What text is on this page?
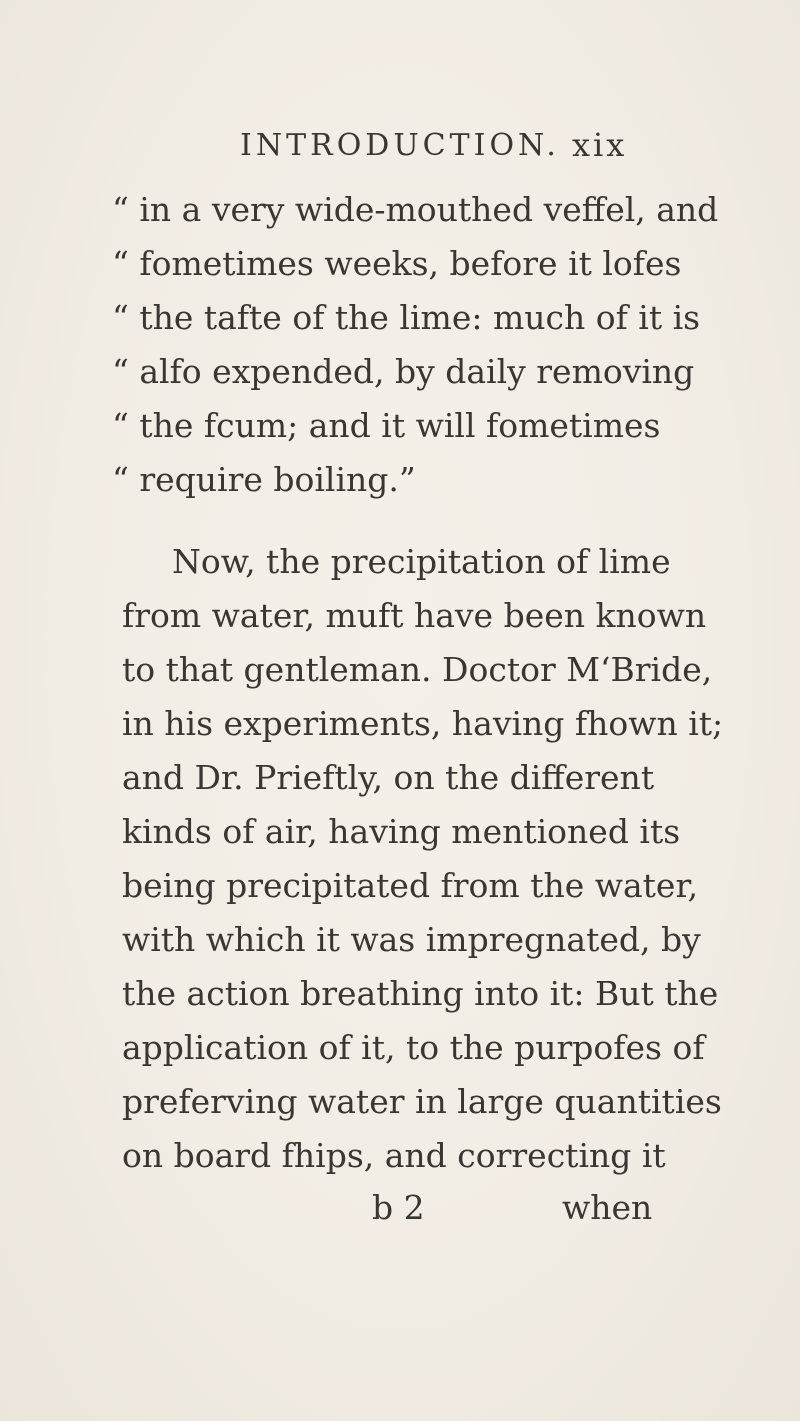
INTRODUCTION. xix
“ in a very wide-mouthed veffel, and
“ fometimes weeks, before it lofes
“ the tafte of the lime: much of it is
“ alfo expended, by daily removing
“ the fcum; and it will fometimes
“ require boiling.”
Now, the precipitation of lime
from water, muft have been known
to that gentleman. Doctor M‘Bride,
in his experiments, having fhown it;
and Dr. Prieftly, on the different
kinds of air, having mentioned its
being precipitated from the water,
with which it was impregnated, by
the action breathing into it: But the
application of it, to the purpofes of
preferving water in large quantities
on board fhips, and correcting it
b 2	when
